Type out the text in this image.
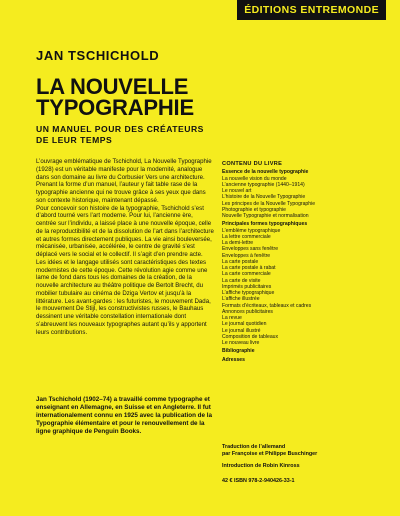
ÉDITIONS ENTREMONDE
JAN TSCHICHOLD
LA NOUVELLE
TYPOGRAPHIE
UN MANUEL POUR DES CRÉATEURS
DE LEUR TEMPS

L’ouvrage emblématique de Tschichold, La Nouvelle Typographie (1928) est un véritable manifeste pour la modernité, analogue dans son domaine au livre du Corbusier Vers une architecture. Prenant la forme d’un manuel, l’auteur y fait table rase de la typographie ancienne qui ne trouve grâce à ses yeux que dans son contexte historique, maintenant dépassé.

Pour concevoir son histoire de la typographie, Tschichold s’est d’abord tourné vers l’art moderne. Pour lui, l’ancienne ère, centrée sur l’individu, a laissé place à une nouvelle époque, celle de la reproductibilité et de la dissolution de l’art dans l’architecture et autres formes directement publiques. La vie ainsi bouleversée, mécanisée, urbanisée, accélérée, le centre de gravité s’est déplacé vers le social et le collectif. Il s’agit d’en prendre acte.

Les idées et le langage utilisés sont caractéristiques des textes modernistes de cette époque. Cette révolution agie comme une lame de fond dans tous les domaines de la création, de la nouvelle architecture au théâtre politique de Bertolt Brecht, du mobilier tubulaire au cinéma de Dziga Vertov et jusqu’à la littérature. Les avant-gardes : les futuristes, le mouvement Dada, le mouvement De Stijl, les constructivistes russes, le Bauhaus dessinent une véritable constellation internationale dont s’abreuvent les nouveaux typographes autant qu’ils y apportent leurs contributions.

Jan Tschichold (1902–74) a travaillé comme typographe et enseignant en Allemagne, en Suisse et en Angleterre. Il fut internationalement connu en 1925 avec la publication de la Typographie élémentaire et pour le renouvellement de la ligne graphique de Penguin Books.
CONTENU DU LIVRE
Essence de la nouvelle typographie
La nouvelle vision du monde
L’ancienne typographie (1440–1914)
Le nouvel art
L’histoire de la Nouvelle Typographie
Les principes de la Nouvelle Typographie
Photographie et typographie
Nouvelle Typographie et normalisation
Principales formes typographiques
L’emblème typographique
La lettre commerciale
La demi-lettre
Enveloppes sans fenêtre
Enveloppes à fenêtre
La carte postale
La carte postale à rabat
La carte commerciale
La carte de visite
Imprimés publicitaires
L’affiche typographique
L’affiche illustrée
Formats d’écriteaux, tableaux et cadres
Annonces publicitaires
La revue
Le journal quotidien
Le journal illustré
Composition de tableaux
Le nouveau livre
Bibliographie
Adresses
Traduction de l’allemand
par Françoise et Philippe Buschinger
Introduction de Robin Kinross
42 € ISBN 978-2-940426-33-1
